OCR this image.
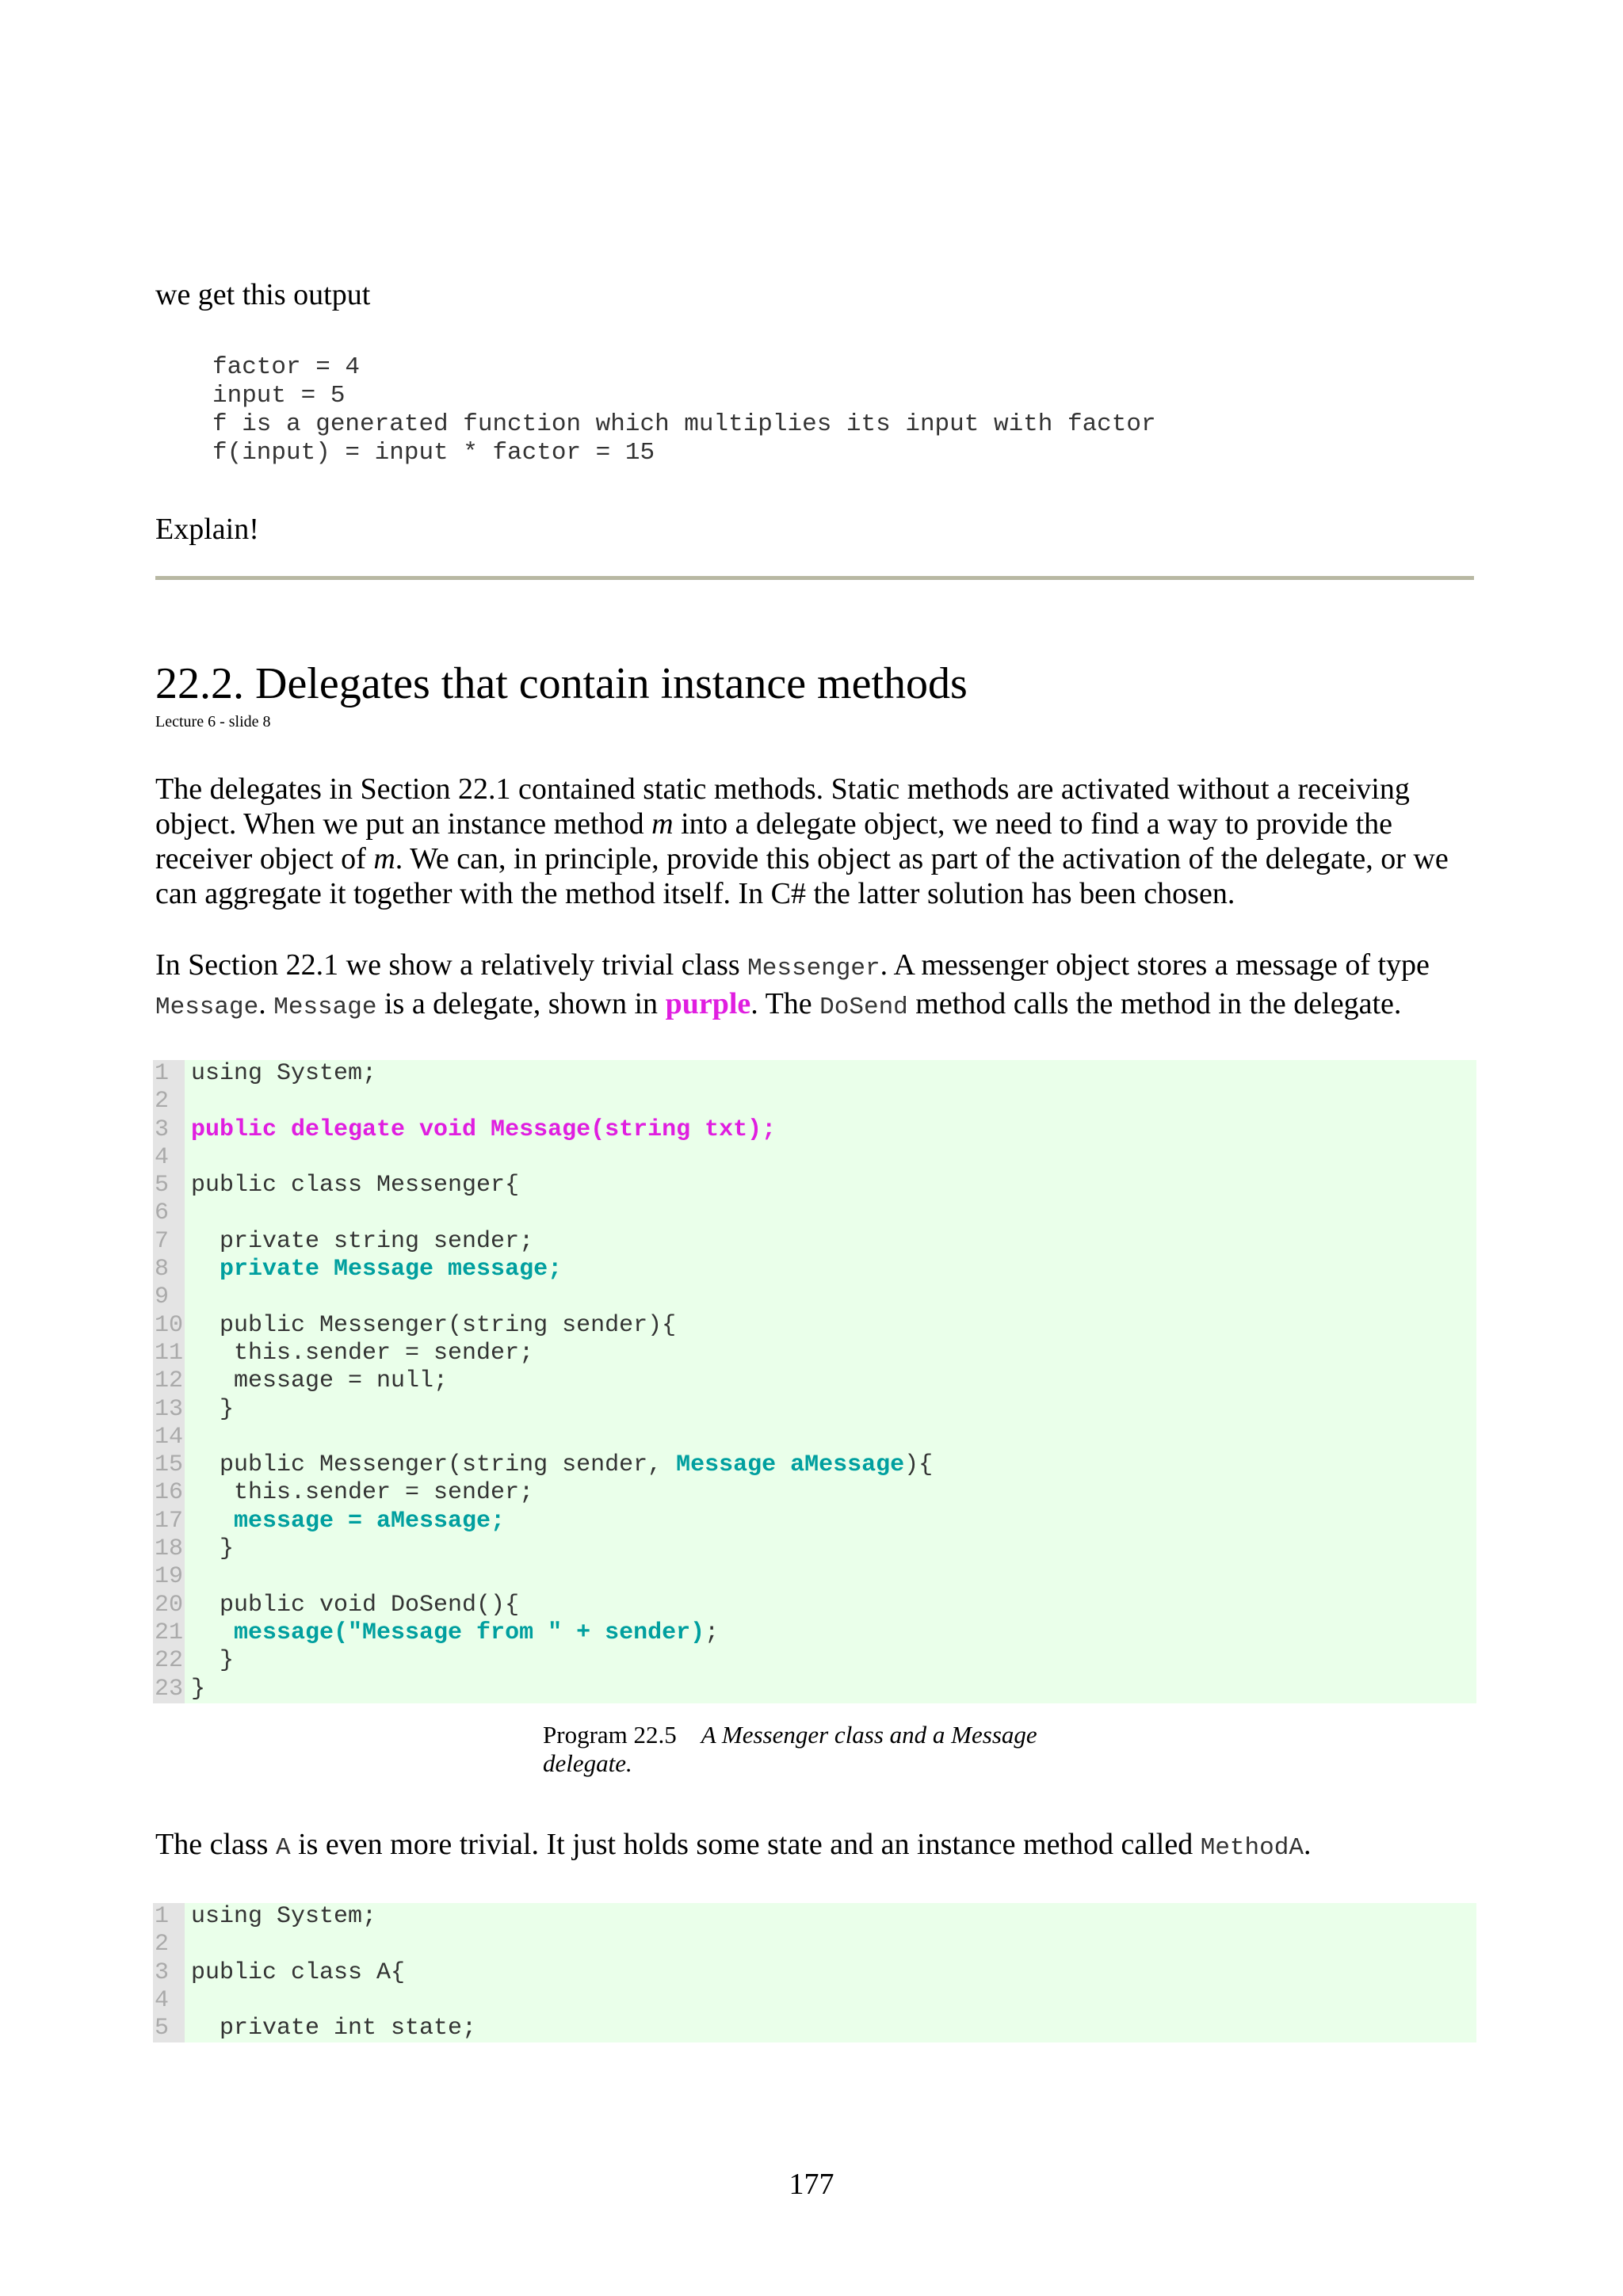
we get this output
factor = 4
input = 5
f is a generated function which multiplies its input with factor
f(input) = input * factor = 15
Explain!
22.2. Delegates that contain instance methods
Lecture 6 - slide 8
The delegates in Section 22.1 contained static methods. Static methods are activated without a receiving object. When we put an instance method m into a delegate object, we need to find a way to provide the receiver object of m. We can, in principle, provide this object as part of the activation of the delegate, or we can aggregate it together with the method itself. In C# the latter solution has been chosen.
In Section 22.1 we show a relatively trivial class Messenger. A messenger object stores a message of type Message. Message is a delegate, shown in purple. The DoSend method calls the method in the delegate.
1 using System;
2
3 public delegate void Message(string txt);
4
5 public class Messenger{
6
7 private string sender;
8 private Message message;
9
10 public Messenger(string sender){
11 this.sender = sender;
12 message = null;
13 }
14
15 public Messenger(string sender, Message aMessage){
16 this.sender = sender;
17 message = aMessage;
18 }
19
20 public void DoSend(){
21 message("Message from " + sender);
22 }
23 }
Program 22.5 A Messenger class and a Message delegate.
The class A is even more trivial. It just holds some state and an instance method called MethodA.
1 using System;
2
3 public class A{
4
5 private int state;
177
